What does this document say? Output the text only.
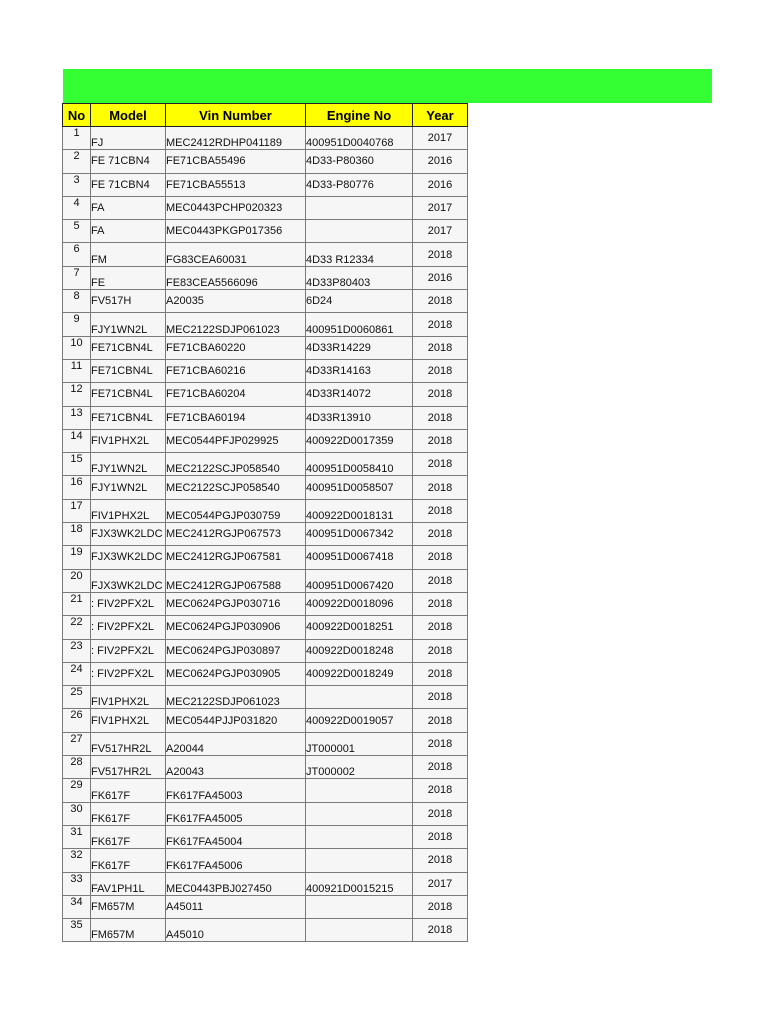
No	Model	Vin Number	Engine No	Year
1	FJ	MEC2412RDHP041189	400951D0040768	2017
2	FE 71CBN4	FE71CBA55496	4D33-P80360	2016
3	FE 71CBN4	FE71CBA55513	4D33-P80776	2016
4	FA	MEC0443PCHP020323		2017
5	FA	MEC0443PKGP017356		2017
6	FM	FG83CEA60031	4D33 R12334	2018
7	FE	FE83CEA5566096	4D33P80403	2016
8	FV517H	A20035	6D24	2018
9	FJY1WN2L	MEC2122SDJP061023	400951D0060861	2018
10	FE71CBN4L	FE71CBA60220	4D33R14229	2018
11	FE71CBN4L	FE71CBA60216	4D33R14163	2018
12	FE71CBN4L	FE71CBA60204	4D33R14072	2018
13	FE71CBN4L	FE71CBA60194	4D33R13910	2018
14	FIV1PHX2L	MEC0544PFJP029925	400922D0017359	2018
15	FJY1WN2L	MEC2122SCJP058540	400951D0058410	2018
16	FJY1WN2L	MEC2122SCJP058540	400951D0058507	2018
17	FIV1PHX2L	MEC0544PGJP030759	400922D0018131	2018
18	FJX3WK2LDC	MEC2412RGJP067573	400951D0067342	2018
19	FJX3WK2LDC	MEC2412RGJP067581	400951D0067418	2018
20	FJX3WK2LDC	MEC2412RGJP067588	400951D0067420	2018
21	: FIV2PFX2L	MEC0624PGJP030716	400922D0018096	2018
22	: FIV2PFX2L	MEC0624PGJP030906	400922D0018251	2018
23	: FIV2PFX2L	MEC0624PGJP030897	400922D0018248	2018
24	: FIV2PFX2L	MEC0624PGJP030905	400922D0018249	2018
25	FIV1PHX2L	MEC2122SDJP061023		2018
26	FIV1PHX2L	MEC0544PJJP031820	400922D0019057	2018
27	FV517HR2L	A20044	JT000001	2018
28	FV517HR2L	A20043	JT000002	2018
29	FK617F	FK617FA45003		2018
30	FK617F	FK617FA45005		2018
31	FK617F	FK617FA45004		2018
32	FK617F	FK617FA45006		2018
33	FAV1PH1L	MEC0443PBJ027450	400921D0015215	2017
34	FM657M	A45011		2018
35	FM657M	A45010		2018
